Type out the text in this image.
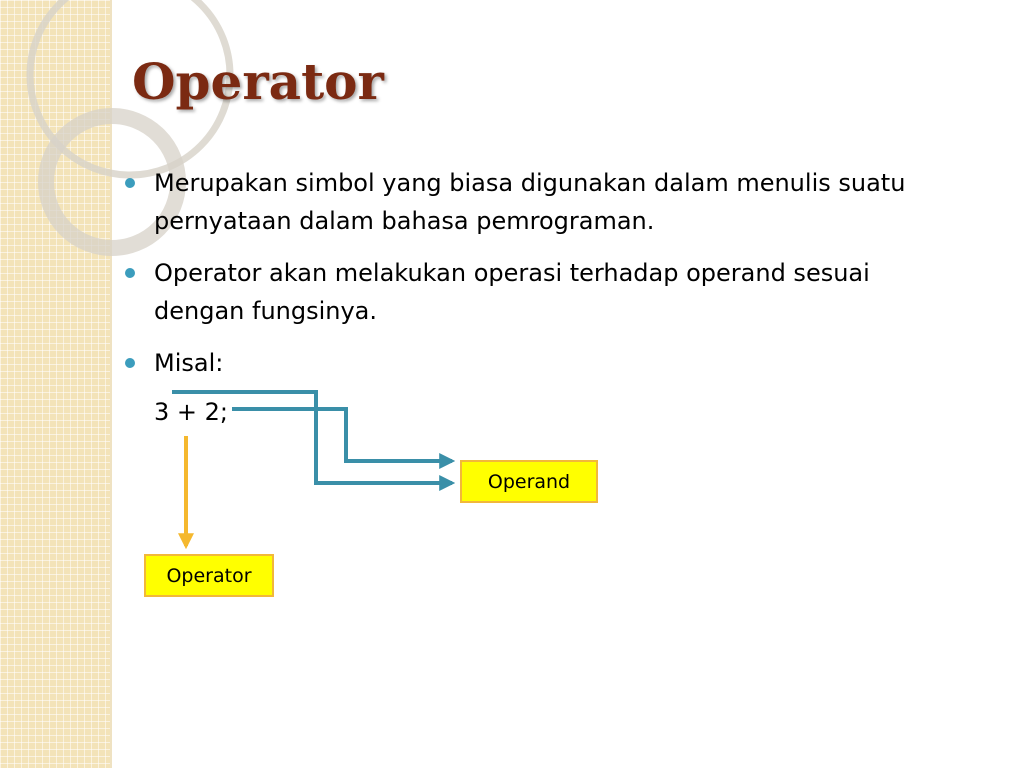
Operator
Merupakan simbol yang biasa digunakan dalam menulis suatu pernyataan dalam bahasa pemrograman.
Operator akan melakukan operasi terhadap operand sesuai dengan fungsinya.
Misal:
3 + 2;
Operand
Operator
